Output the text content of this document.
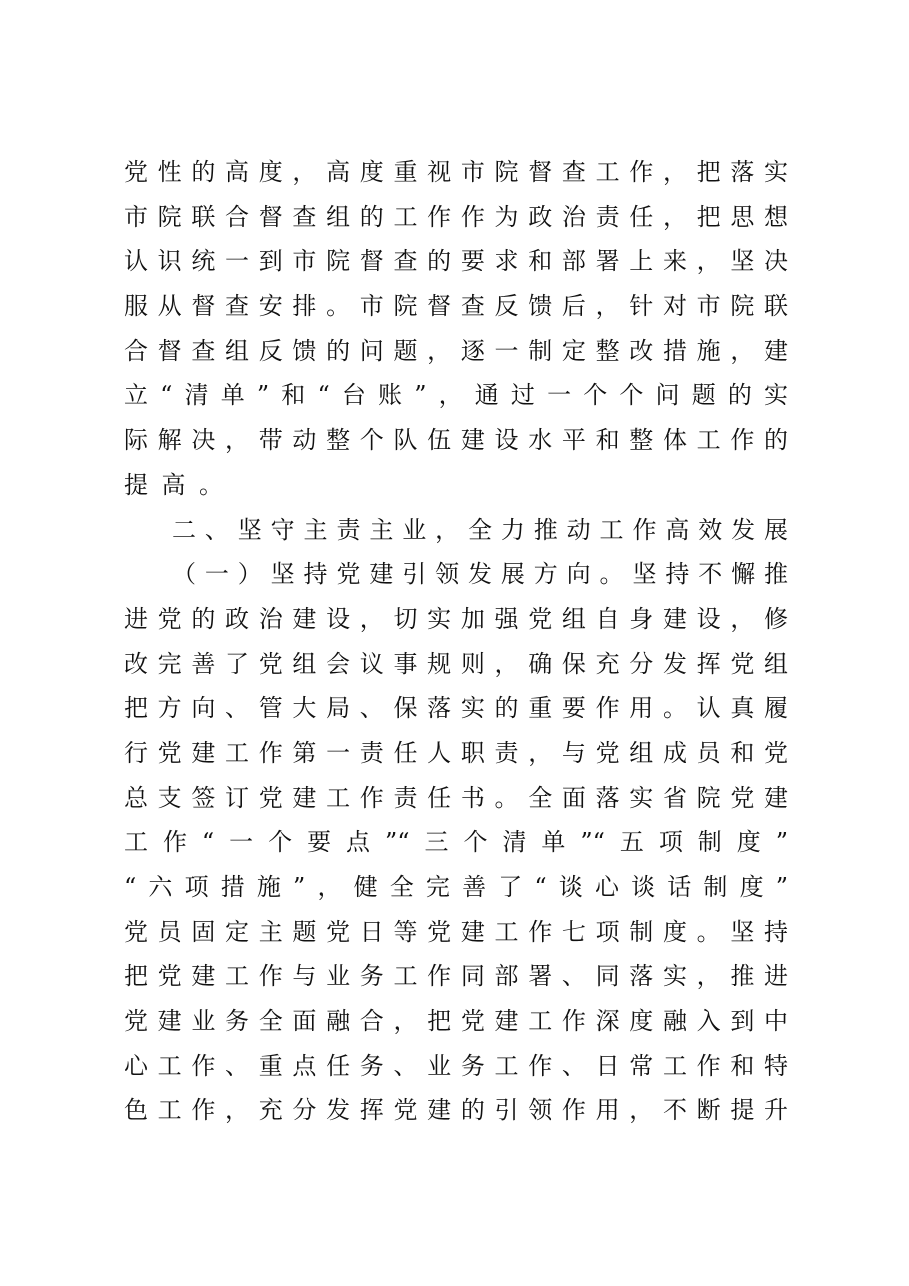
党性的高度，高度重视市院督查工作，把落实
市院联合督查组的工作作为政治责任，把思想
认识统一到市院督查的要求和部署上来，坚决
服从督查安排。市院督查反馈后，针对市院联
合督查组反馈的问题，逐一制定整改措施，建
立“清单”和“台账”，通过一个个问题的实
际解决，带动整个队伍建设水平和整体工作的
提高。
二、坚守主责主业，全力推动工作高效发展
（一）坚持党建引领发展方向。坚持不懈推
进党的政治建设，切实加强党组自身建设，修
改完善了党组会议事规则，确保充分发挥党组
把方向、管大局、保落实的重要作用。认真履
行党建工作第一责任人职责，与党组成员和党
总支签订党建工作责任书。全面落实省院党建
工作“一个要点”“三个清单”“五项制度”
“六项措施”，健全完善了“谈心谈话制度”
党员固定主题党日等党建工作七项制度。坚持
把党建工作与业务工作同部署、同落实，推进
党建业务全面融合，把党建工作深度融入到中
心工作、重点任务、业务工作、日常工作和特
色工作，充分发挥党建的引领作用，不断提升
